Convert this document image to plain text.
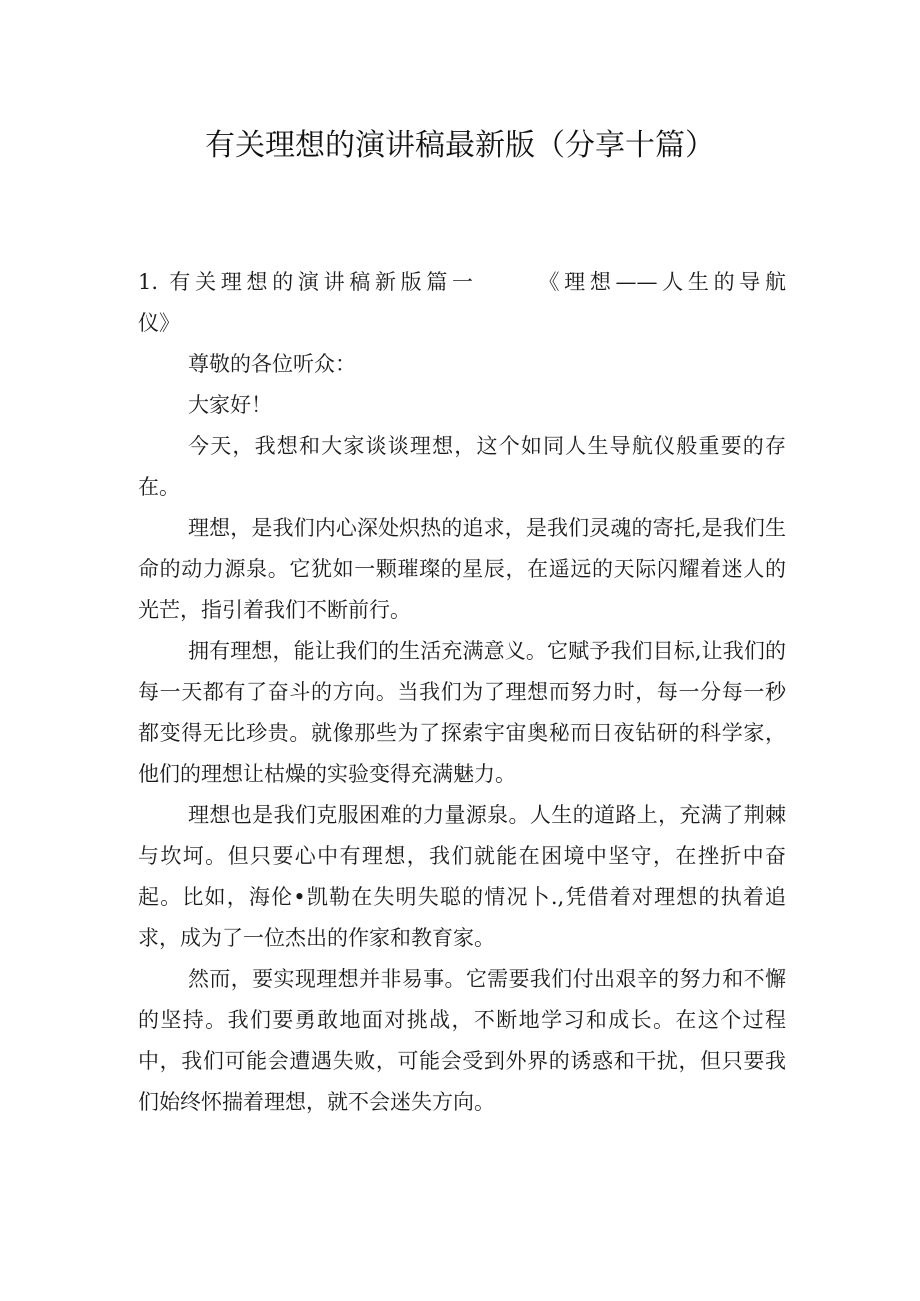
有关理想的演讲稿最新版（分享十篇）

1. 有关理想的演讲稿新版篇一	《理想——人生的导航

仪》

尊敬的各位听众：

大家好！

今天，我想和大家谈谈理想，这个如同人生导航仪般重要的存在。

理想，是我们内心深处炽热的追求，是我们灵魂的寄托,是我们生命的动力源泉。它犹如一颗璀璨的星辰，在遥远的天际闪耀着迷人的光芒，指引着我们不断前行。

拥有理想，能让我们的生活充满意义。它赋予我们目标,让我们的每一天都有了奋斗的方向。当我们为了理想而努力时，每一分每一秒都变得无比珍贵。就像那些为了探索宇宙奥秘而日夜钻研的科学家，他们的理想让枯燥的实验变得充满魅力。

理想也是我们克服困难的力量源泉。人生的道路上，充满了荆棘与坎坷。但只要心中有理想，我们就能在困境中坚守，在挫折中奋起。比如，海伦•凯勒在失明失聪的情况卜.,凭借着对理想的执着追求，成为了一位杰出的作家和教育家。

然而，要实现理想并非易事。它需要我们付出艰辛的努力和不懈的坚持。我们要勇敢地面对挑战，不断地学习和成长。在这个过程中，我们可能会遭遇失败，可能会受到外界的诱惑和干扰，但只要我们始终怀揣着理想，就不会迷失方向。
